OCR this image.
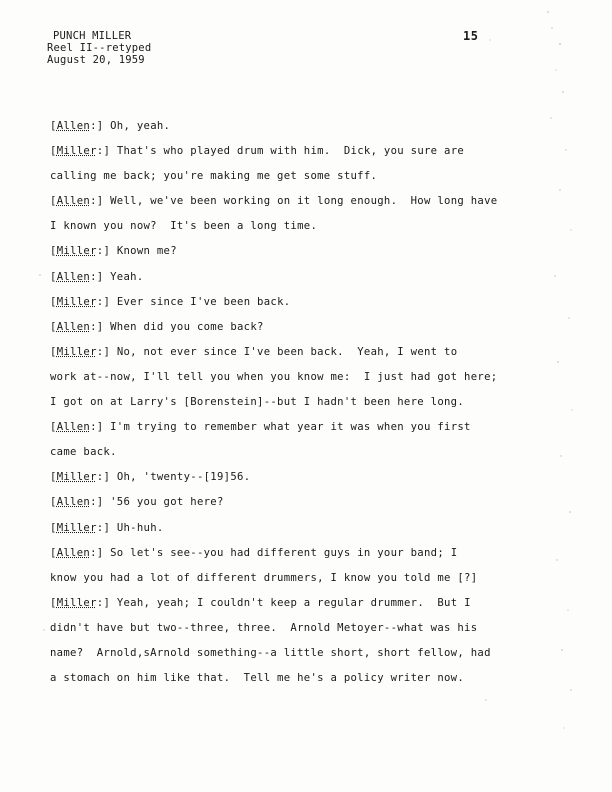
PUNCH MILLER
Reel II--retyped
August 20, 1959
15
[Allen:] Oh, yeah.
[Miller:] That's who played drum with him.  Dick, you sure are
calling me back; you're making me get some stuff.
[Allen:] Well, we've been working on it long enough.  How long have
I known you now?  It's been a long time.
[Miller:] Known me?
[Allen:] Yeah.
[Miller:] Ever since I've been back.
[Allen:] When did you come back?
[Miller:] No, not ever since I've been back.  Yeah, I went to
work at--now, I'll tell you when you know me:  I just had got here;
I got on at Larry's [Borenstein]--but I hadn't been here long.
[Allen:] I'm trying to remember what year it was when you first
came back.
[Miller:] Oh, 'twenty--[19]56.
[Allen:] '56 you got here?
[Miller:] Uh-huh.
[Allen:] So let's see--you had different guys in your band; I
know you had a lot of different drummers, I know you told me [?]
[Miller:] Yeah, yeah; I couldn't keep a regular drummer.  But I
didn't have but two--three, three.  Arnold Metoyer--what was his
name?  Arnold,sArnold something--a little short, short fellow, had
a stomach on him like that.  Tell me he's a policy writer now.
